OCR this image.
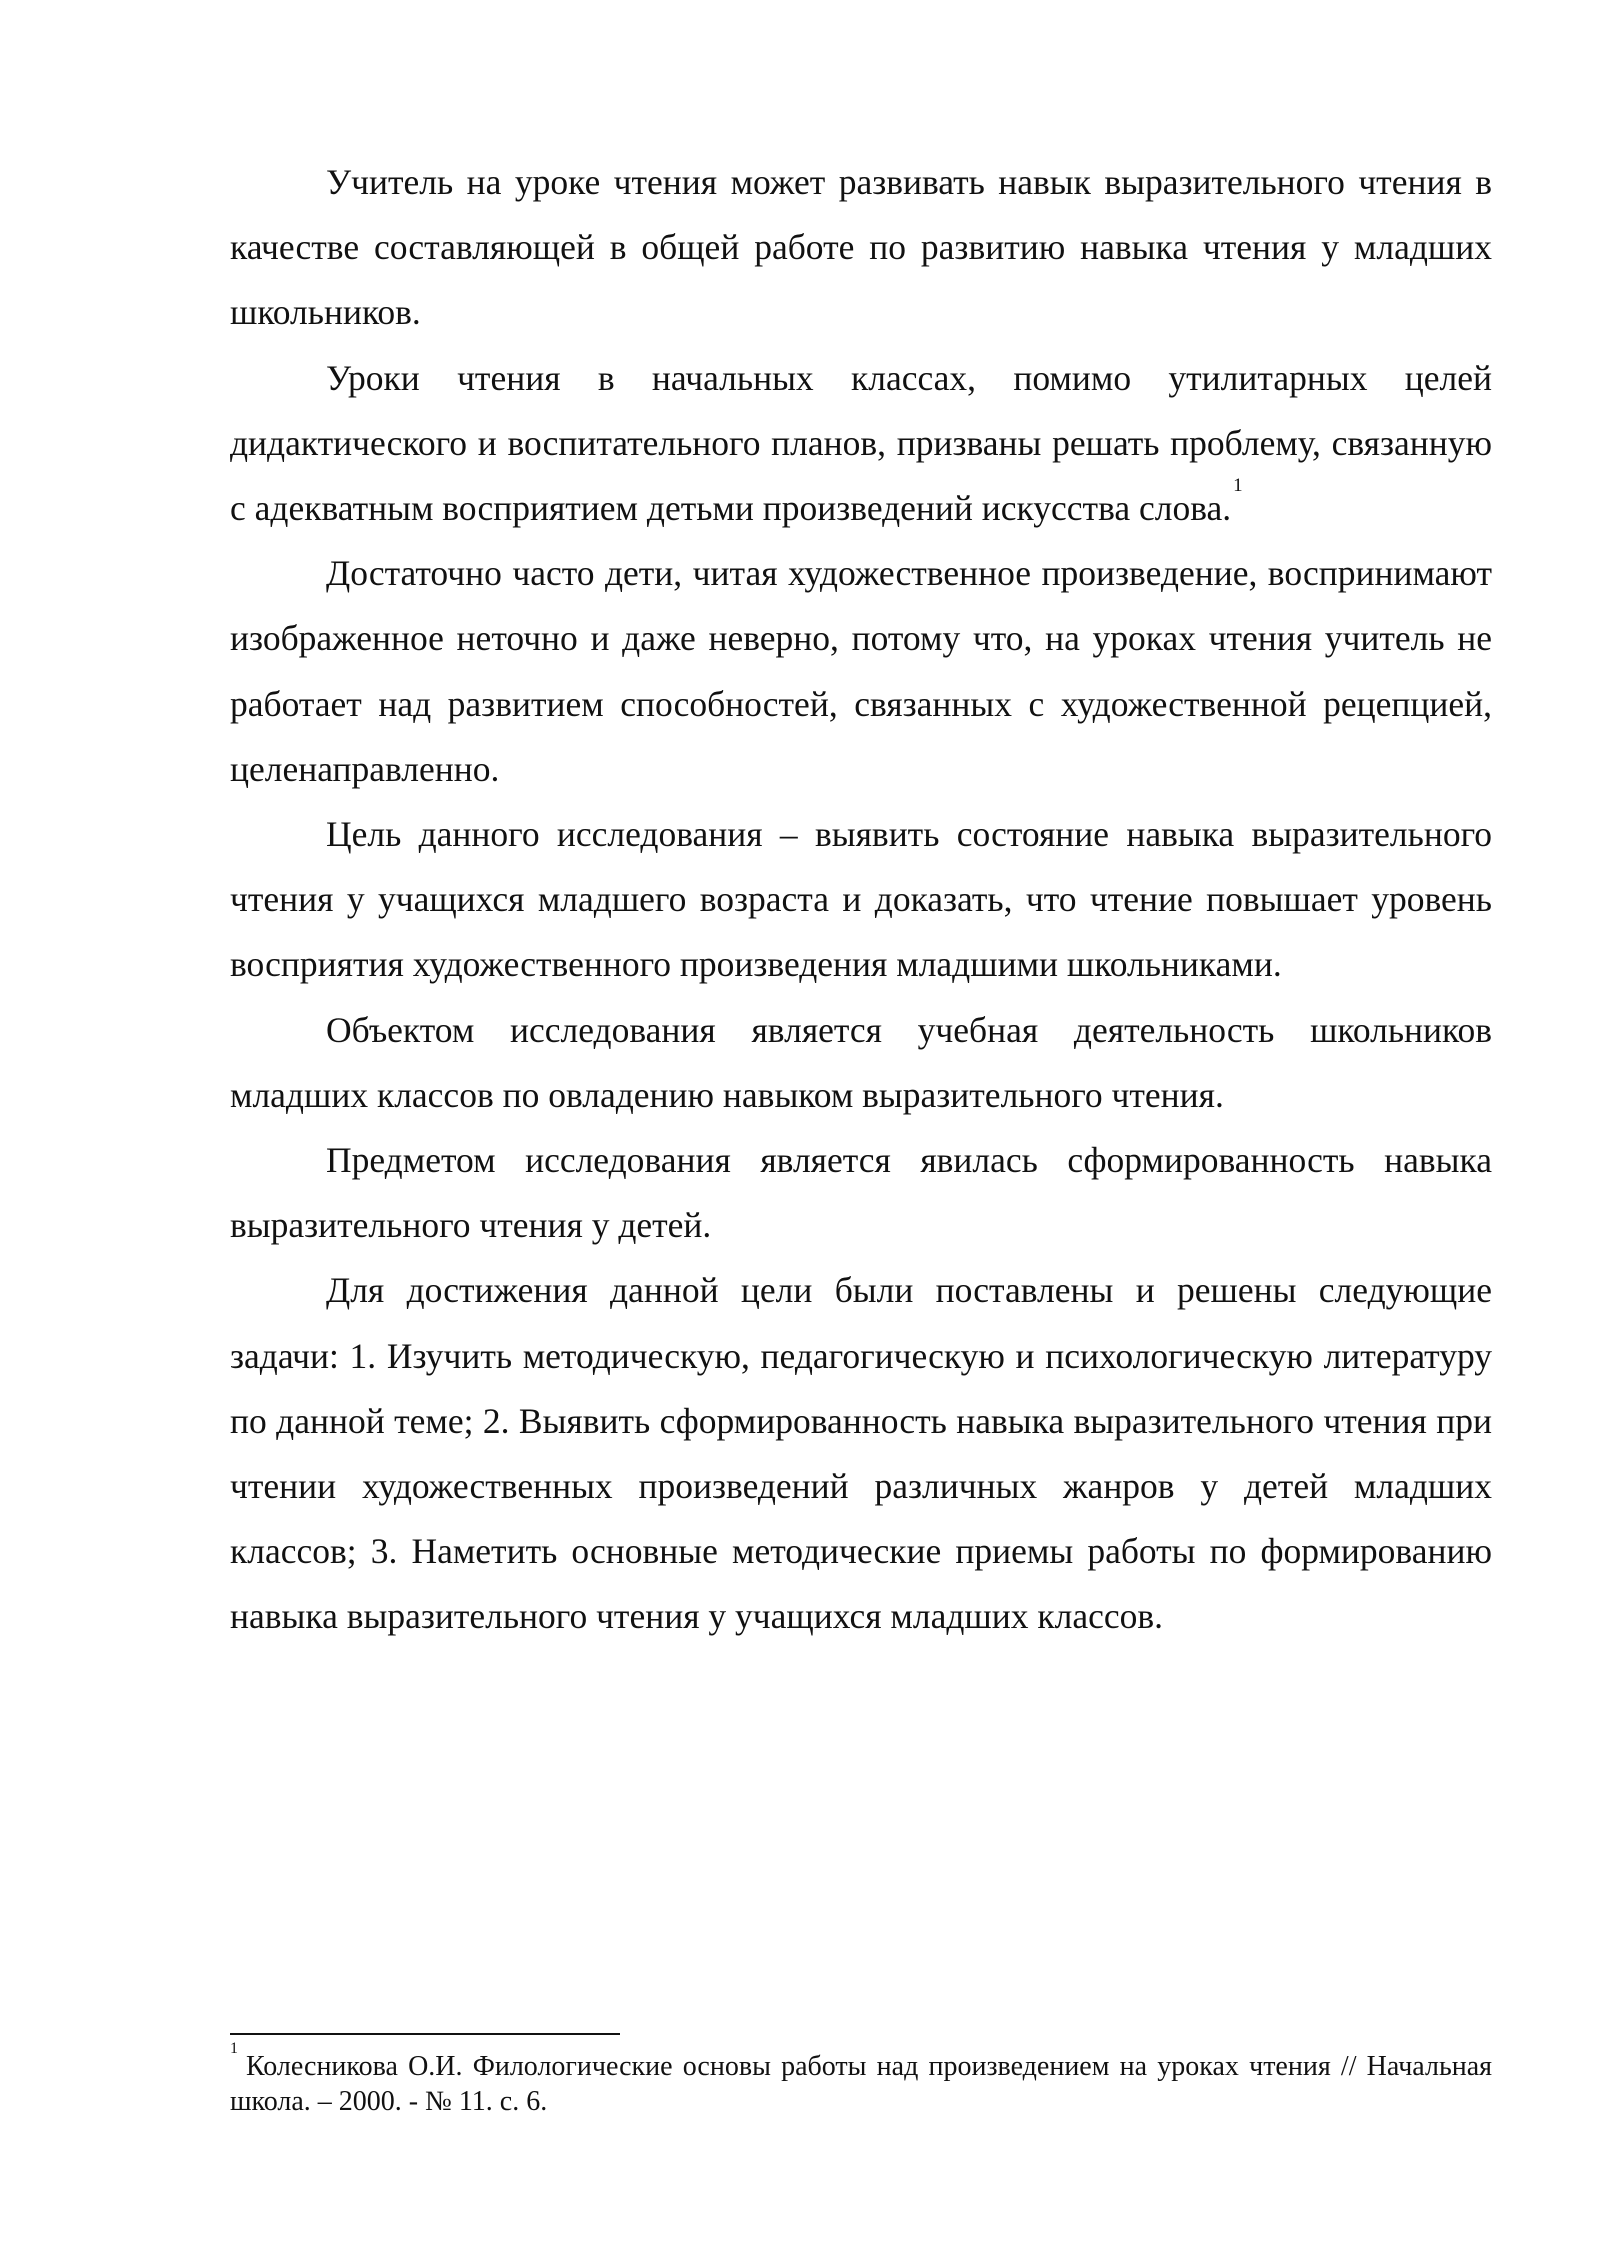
Учитель на уроке чтения может развивать навык выразительного чтения в качестве составляющей в общей работе по развитию навыка чтения у младших школьников.

Уроки чтения в начальных классах, помимо утилитарных целей дидактического и воспитательного планов, призваны решать проблему, связанную с адекватным восприятием детьми произведений искусства слова.$^1$

Достаточно часто дети, читая художественное произведение, воспринимают изображенное неточно и даже неверно, потому что, на уроках чтения учитель не работает над развитием способностей, связанных с художественной рецепцией, целенаправленно.

Цель данного исследования – выявить состояние навыка выразительного чтения у учащихся младшего возраста и доказать, что чтение повышает уровень восприятия художественного произведения младшими школьниками.

Объектом исследования является учебная деятельность школьников младших классов по овладению навыком выразительного чтения.

Предметом исследования является явилась сформированность навыка выразительного чтения у детей.

Для достижения данной цели были поставлены и решены следующие задачи: 1. Изучить методическую, педагогическую и психологическую литературу по данной теме; 2. Выявить сформированность навыка выразительного чтения при чтении художественных произведений различных жанров у детей младших классов; 3. Наметить основные методические приемы работы по формированию навыка выразительного чтения у учащихся младших классов.

$^1$Колесникова О.И. Филологические основы работы над произведением на уроках чтения // Начальная школа. – 2000. - № 11. с. 6.
